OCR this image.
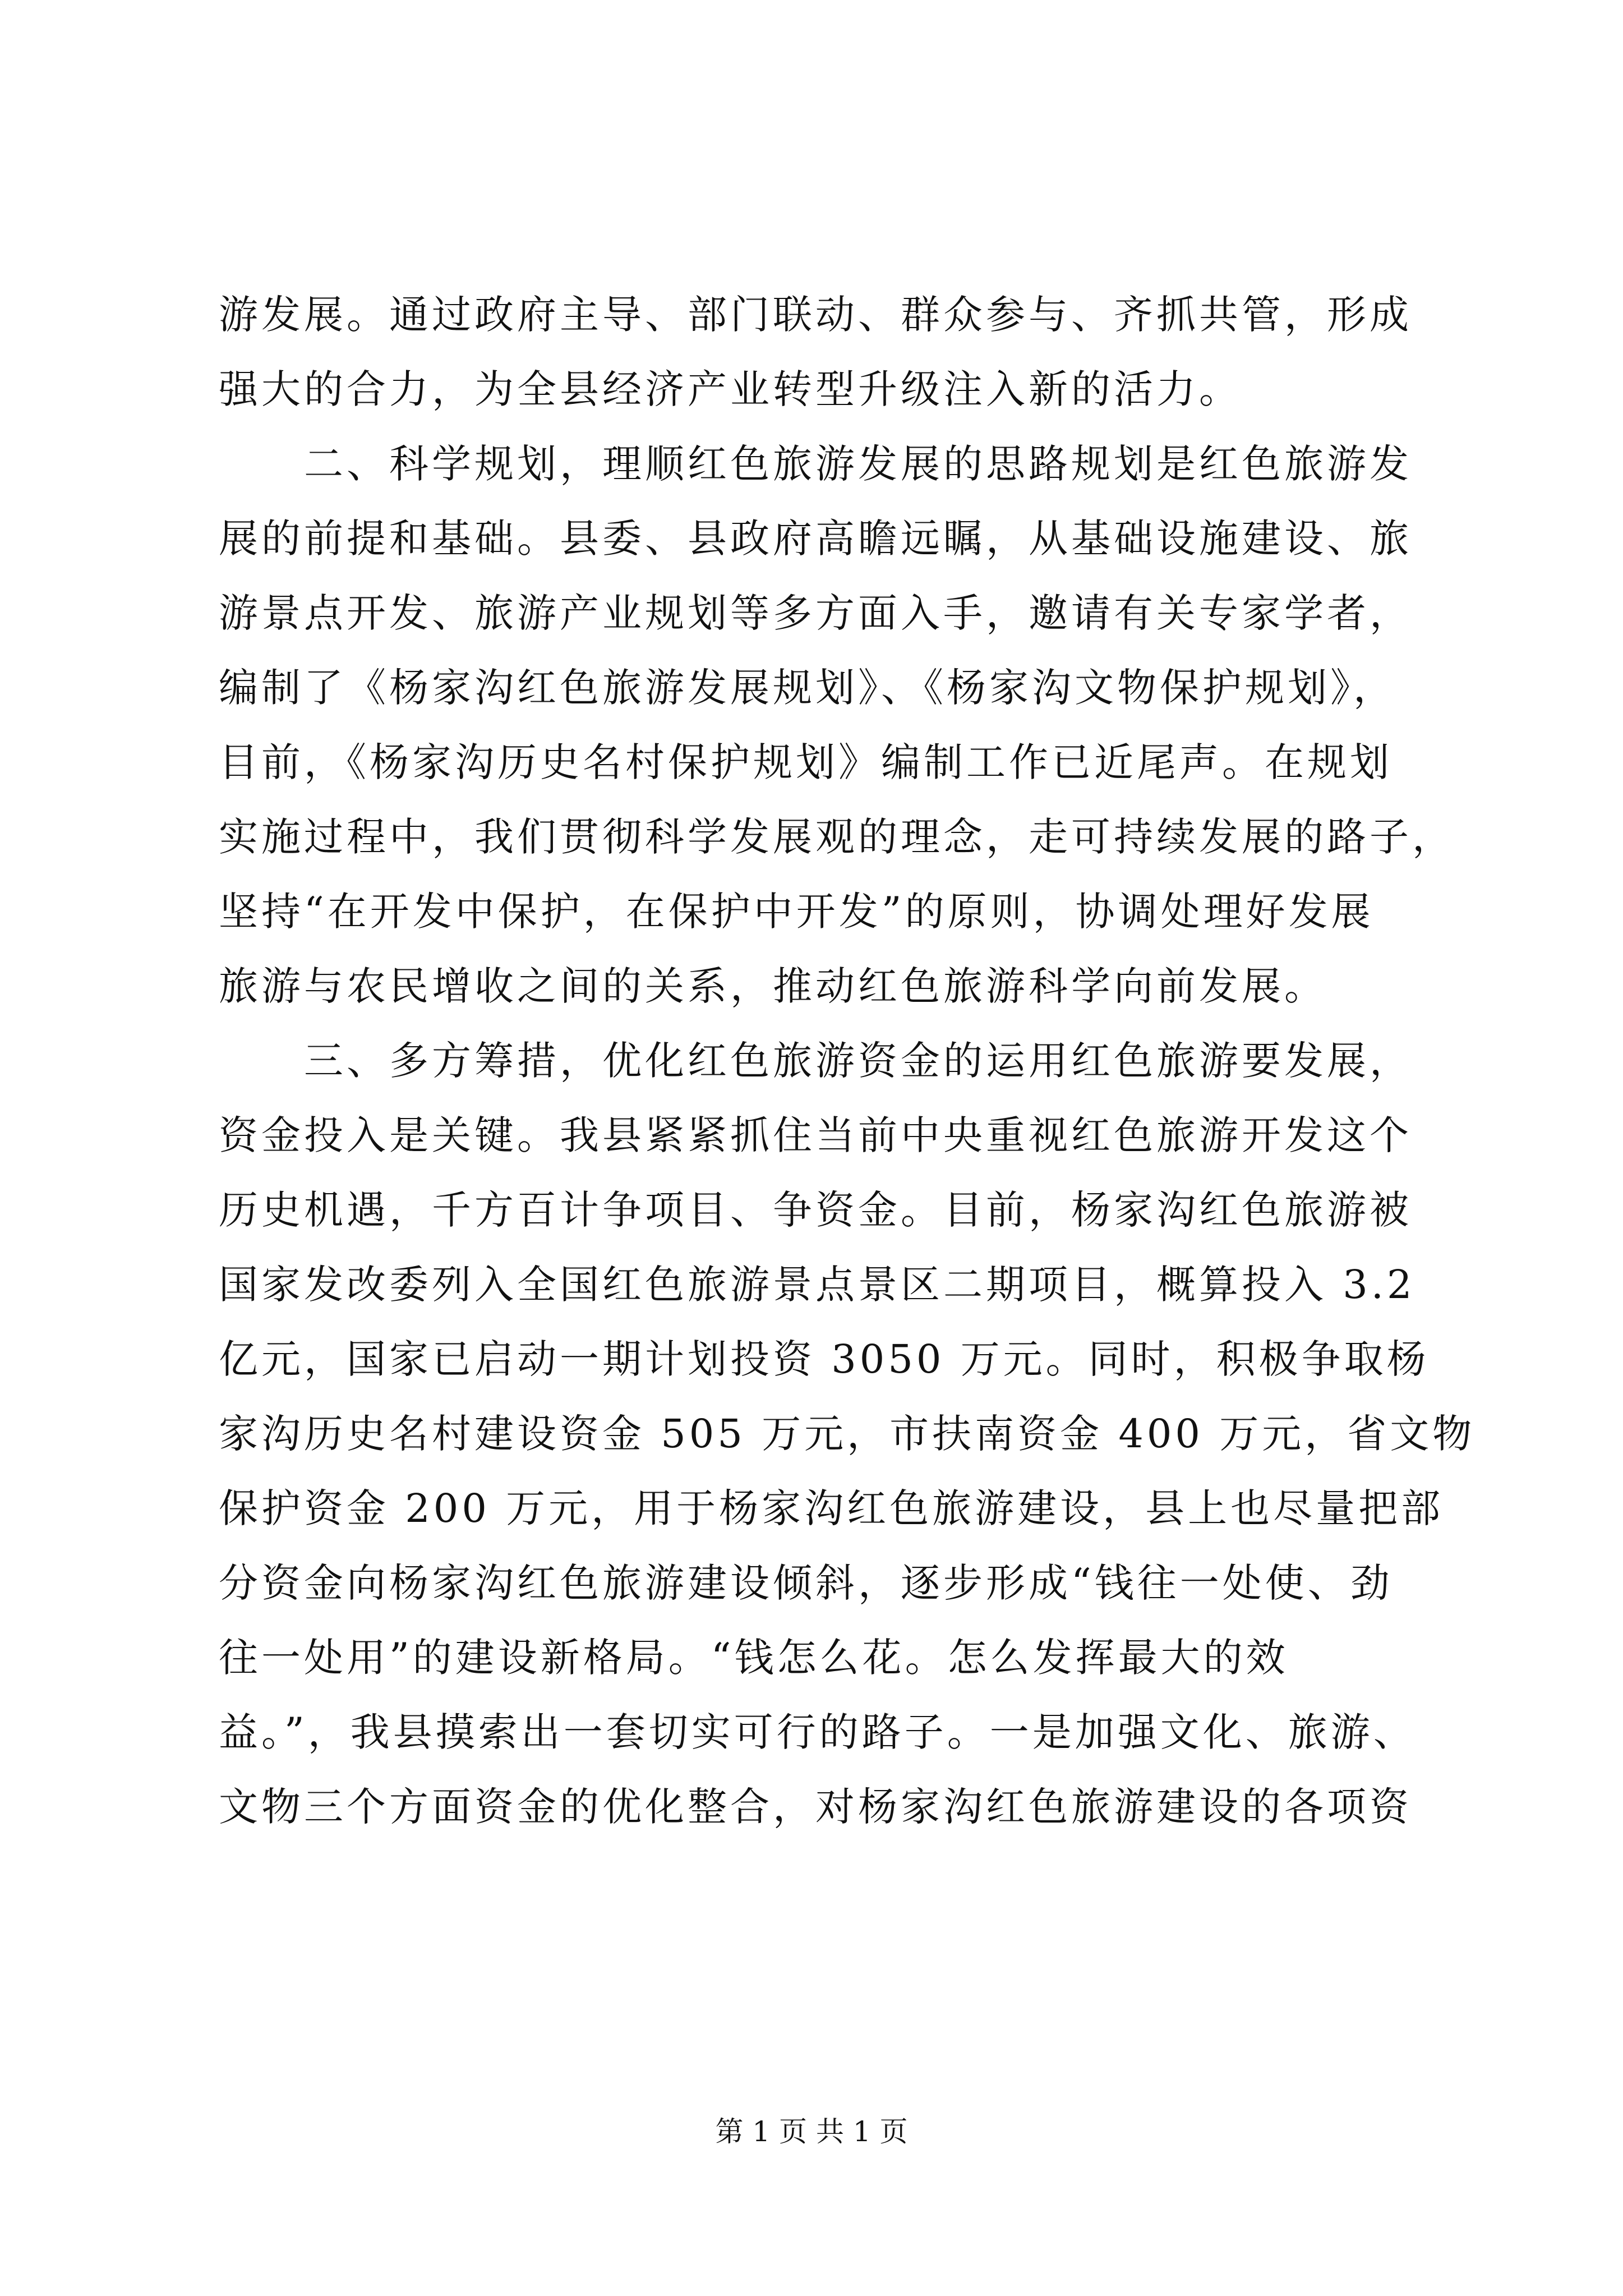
游发展。通过政府主导、部门联动、群众参与、齐抓共管，形成
强大的合力，为全县经济产业转型升级注入新的活力。
　　二、科学规划，理顺红色旅游发展的思路规划是红色旅游发
展的前提和基础。县委、县政府高瞻远瞩，从基础设施建设、旅
游景点开发、旅游产业规划等多方面入手，邀请有关专家学者，
编制了《杨家沟红色旅游发展规划》、《杨家沟文物保护规划》，
目前，《杨家沟历史名村保护规划》编制工作已近尾声。在规划
实施过程中，我们贯彻科学发展观的理念，走可持续发展的路子，
坚持“在开发中保护，在保护中开发”的原则，协调处理好发展
旅游与农民增收之间的关系，推动红色旅游科学向前发展。
　　三、多方筹措，优化红色旅游资金的运用红色旅游要发展，
资金投入是关键。我县紧紧抓住当前中央重视红色旅游开发这个
历史机遇，千方百计争项目、争资金。目前，杨家沟红色旅游被
国家发改委列入全国红色旅游景点景区二期项目，概算投入 3.2
亿元，国家已启动一期计划投资 3050 万元。同时，积极争取杨
家沟历史名村建设资金 505 万元，市扶南资金 400 万元，省文物
保护资金 200 万元，用于杨家沟红色旅游建设，县上也尽量把部
分资金向杨家沟红色旅游建设倾斜，逐步形成“钱往一处使、劲
往一处用”的建设新格局。“钱怎么花。怎么发挥最大的效
益。”，我县摸索出一套切实可行的路子。一是加强文化、旅游、
文物三个方面资金的优化整合，对杨家沟红色旅游建设的各项资
第 1 页 共 1 页
